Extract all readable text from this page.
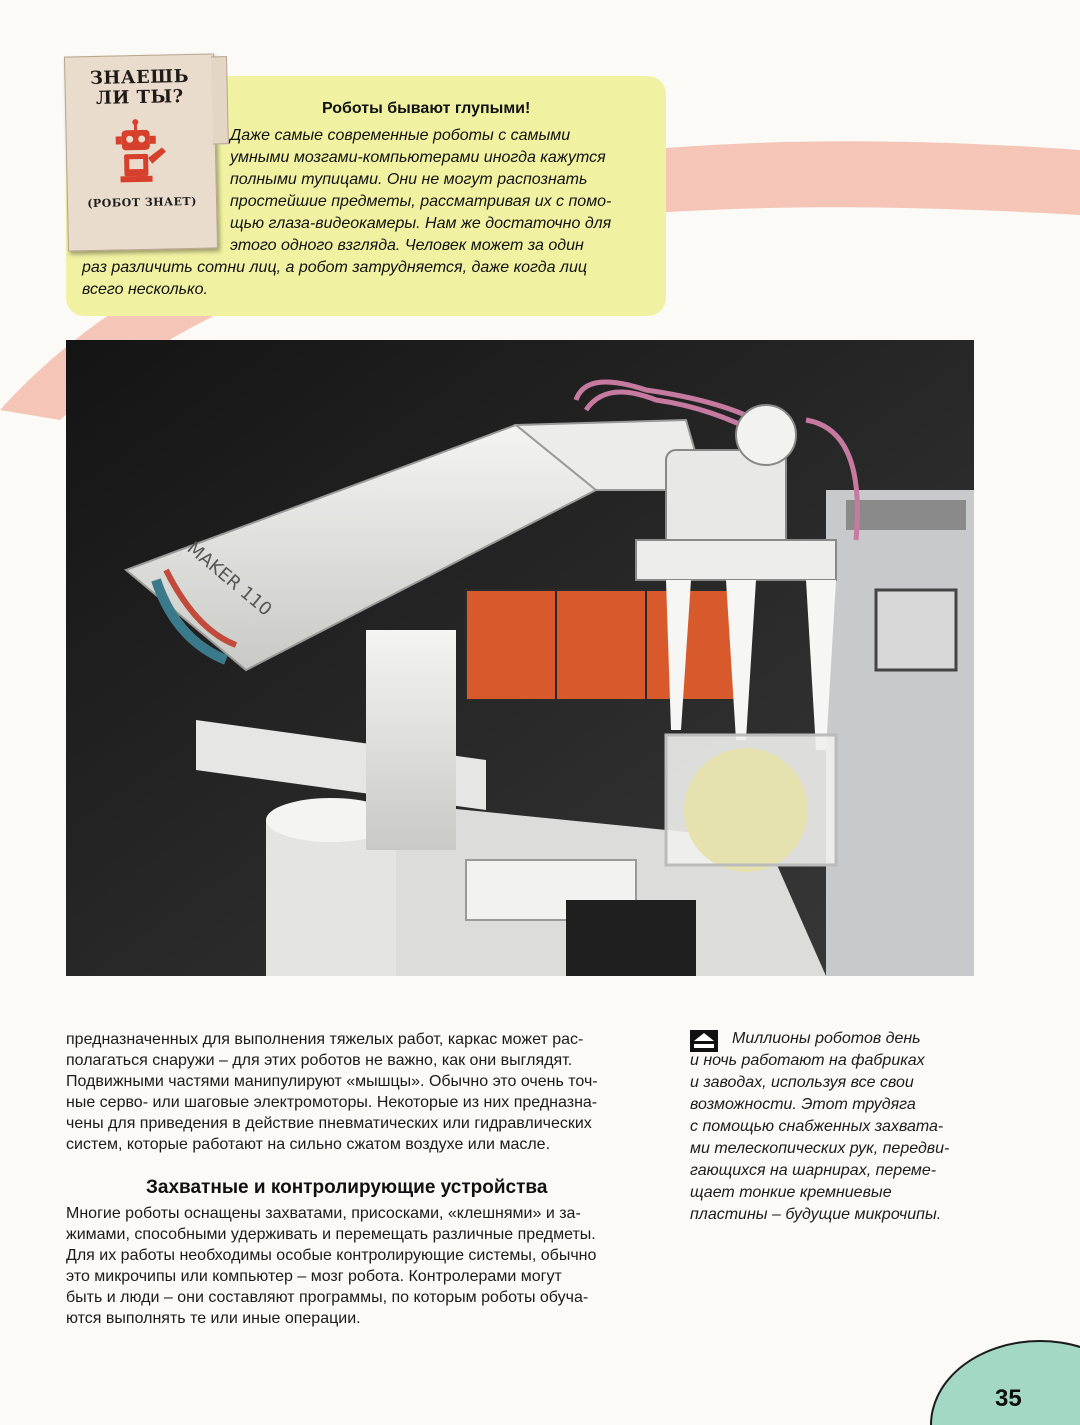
Роботы бывают глупыми!
Даже самые современные роботы с самыми
умными мозгами-компьютерами иногда кажутся
полными тупицами. Они не могут распознать
простейшие предметы, рассматривая их с помо-
щью глаза-видеокамеры. Нам же достаточно для
этого одного взгляда. Человек может за один
раз различить сотни лиц, а робот затрудняется, даже когда лиц
всего несколько.
ЗНАЕШЬ
ЛИ ТЫ?
(РОБОТ ЗНАЕТ)
MAKER 110
предназначенных для выполнения тяжелых работ, каркас может рас-
полагаться снаружи – для этих роботов не важно, как они выглядят.
Подвижными частями манипулируют «мышцы». Обычно это очень точ-
ные серво- или шаговые электромоторы. Некоторые из них предназна-
чены для приведения в действие пневматических или гидравлических
систем, которые работают на сильно сжатом воздухе или масле.
Захватные и контролирующие устройства
Многие роботы оснащены захватами, присосками, «клешнями» и за-
жимами, способными удерживать и перемещать различные предметы.
Для их работы необходимы особые контролирующие системы, обычно
это микрочипы или компьютер – мозг робота. Контролерами могут
быть и люди – они составляют программы, по которым роботы обуча-
ются выполнять те или иные операции.
Миллионы роботов день
и ночь работают на фабриках
и заводах, используя все свои
возможности. Этот трудяга
с помощью снабженных захвата-
ми телескопических рук, передви-
гающихся на шарнирах, переме-
щает тонкие кремниевые
пластины – будущие микрочипы.
35
